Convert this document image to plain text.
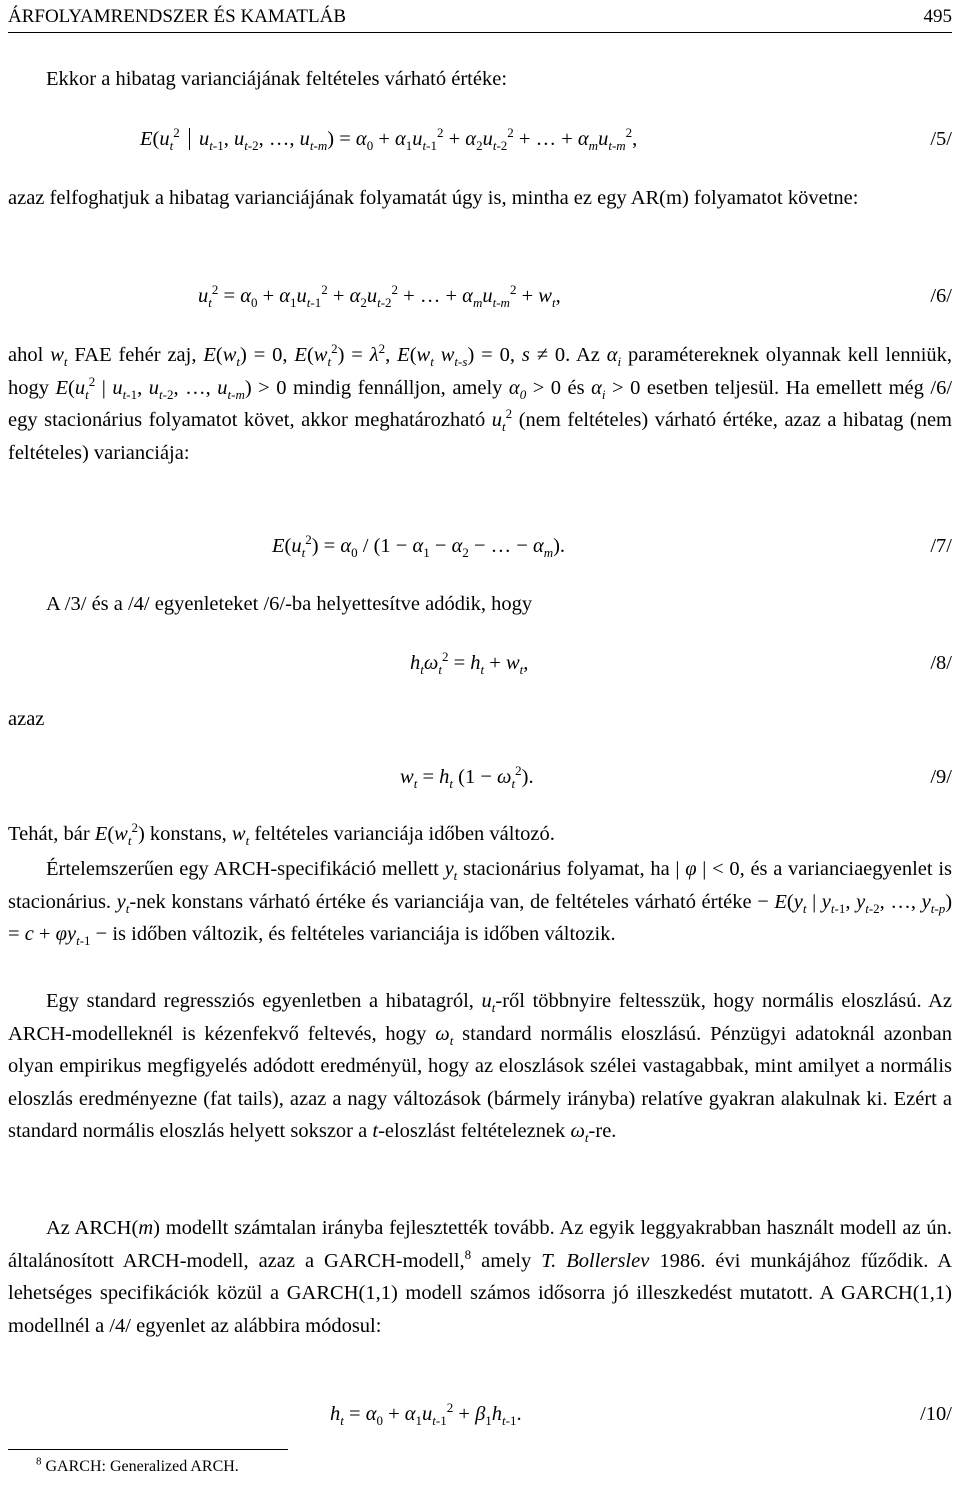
ÁRFOLYAMRENDSZER ÉS KAMATLÁB	495

Ekkor a hibatag varianciájának feltételes várható értéke:

$E(u_t^2$ $u_{t-1}$, $u_{t-2}$, …, $u_{t-m}) = \alpha_0 + \alpha_1u_{t-1}^2 + \alpha_2u_{t-2}^2$ + … + $\alpha_mu_{t-m}^2$,	/5/

azaz felfoghatjuk a hibatag varianciájának folyamatát úgy is, mintha ez egy AR(m) folyamatot követne:

$u_t^2 = \alpha_0 + \alpha_1u_{t-1}^2 + \alpha_2u_{t-2}^2$ + … + $\alpha_mu_{t-m}^2 + w_t$,	/6/

ahol $w_t$ FAE fehér zaj, $E(w_t) = 0$, $E(w_t^2) = \lambda^2$, $E(w_t$ $w_{t-s}) = 0$, s ≠ 0. Az $\alpha_i$ paramétereknek olyannak kell lenniük, hogy $E(u_t^2$ | $u_{t-1}$, $u_{t-2}$, …, $u_{t-m}) > 0$ mindig fennálljon, amely $\alpha_0 > 0$ és $\alpha_i > 0$ esetben teljesül. Ha emellett még /6/ egy stacionárius folyamatot követ, akkor meghatározható $u_t^2$ (nem feltételes) várható értéke, azaz a hibatag (nem feltételes) varianciája:

$E(u_t^2) = \alpha_0 / (1 - \alpha_1 - \alpha_2$ − … − $\alpha_m$).	/7/

A /3/ és a /4/ egyenleteket /6/-ba helyettesítve adódik, hogy

$h_t\omega_t^2 = h_t + w_t$,	/8/
azaz
$w_t = h_t$ $(1 - \omega_t^2)$.	/9/

Tehát, bár $E(w_t^2)$ konstans, $w_t$ feltételes varianciája időben változó.

Értelemszerűen egy ARCH-specifikáció mellett $y_t$ stacionárius folyamat, ha | φ | < 0, és a varianciaegyenlet is stacionárius. $y_t$-nek konstans várható értéke és varianciája van, de feltételes várható értéke − $E(y_t$ | $y_{t-1}$, $y_{t-2}$, …, $y_{t-p}) = c + \varphi y_{t-1}$ − is időben változik, és feltételes varianciája is időben változik.

Egy standard regressziós egyenletben a hibatagról, $u_t$-ről többnyire feltesszük, hogy normális eloszlású. Az ARCH-modelleknél is kézenfekvő feltevés, hogy $\omega_t$ standard normális eloszlású. Pénzügyi adatoknál azonban olyan empirikus megfigyelés adódott eredményül, hogy az eloszlások szélei vastagabbak, mint amilyet a normális eloszlás eredményezne (fat tails), azaz a nagy változások (bármely irányba) relatíve gyakran alakulnak ki. Ezért a standard normális eloszlás helyett sokszor a t-eloszlást feltételeznek $\omega_t-re$.

Az ARCH(m) modellt számtalan irányba fejlesztették tovább. Az egyik leggyakrabban használt modell az ún. általánosított ARCH-modell, azaz a GARCH-modell,$^8$ amely T. Bollerslev 1986. évi munkájához fűződik. A lehetséges specifikációk közül a GARCH(1,1) modell számos idősorra jó illeszkedést mutatott. A GARCH(1,1) modellnél a /4/ egyenlet az alábbira módosul:

$h_t = \alpha_0 + \alpha_1u_{t-1}^2 + \beta_1h_{t-1}$.	/10/
$^8$ GARCH: Generalized ARCH.
